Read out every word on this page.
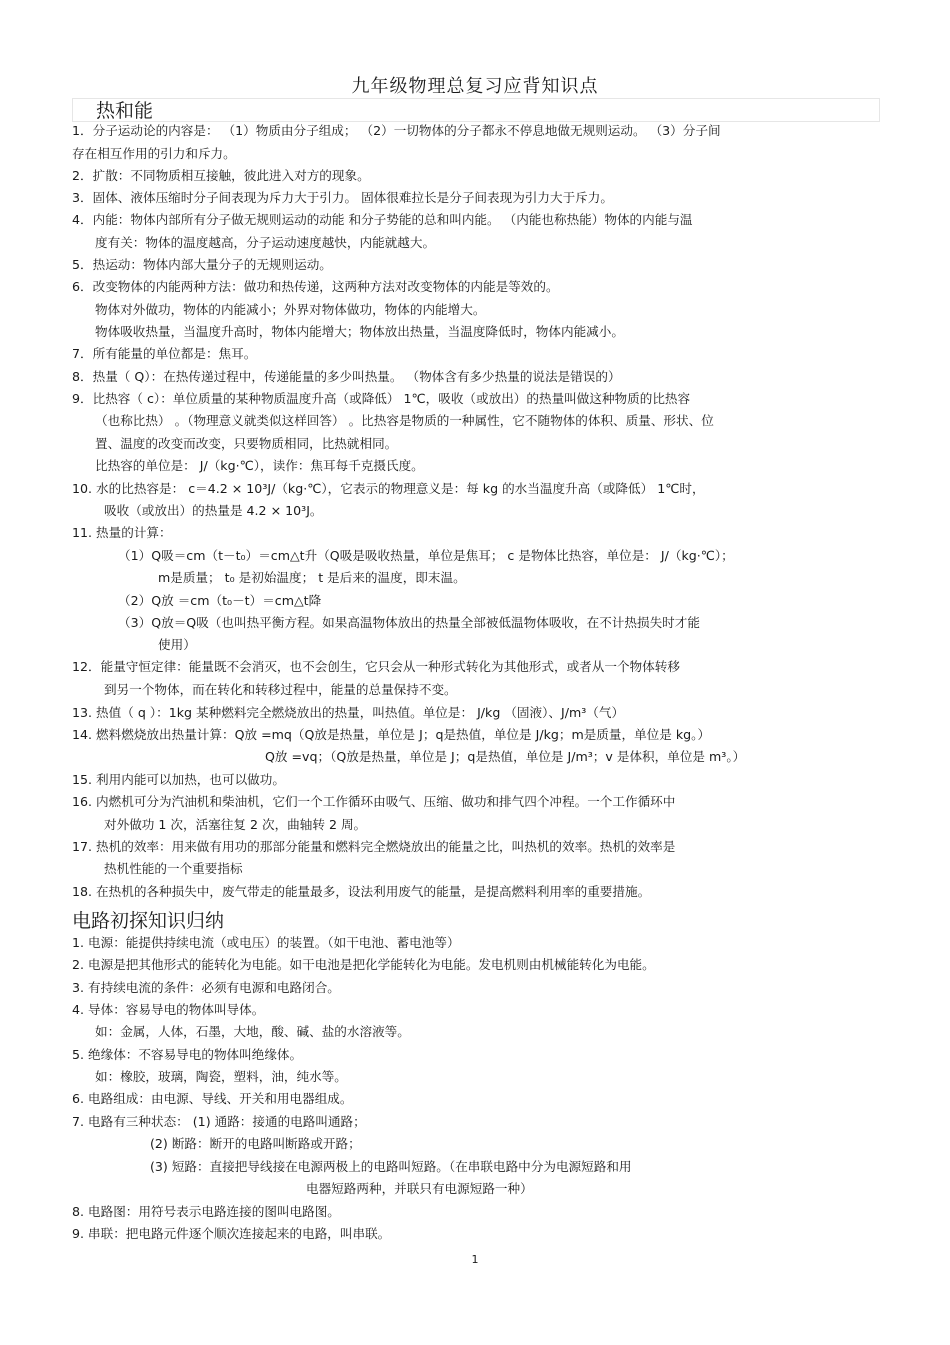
九年级物理总复习应背知识点
热和能
1．分子运动论的内容是： （1）物质由分子组成； （2）一切物体的分子都永不停息地做无规则运动。 （3）分子间
存在相互作用的引力和斥力。
2．扩散：不同物质相互接触，彼此进入对方的现象。
3．固体、液体压缩时分子间表现为斥力大于引力。 固体很难拉长是分子间表现为引力大于斥力。
4．内能：物体内部所有分子做无规则运动的动能 和分子势能的总和叫内能。 （内能也称热能）物体的内能与温
度有关：物体的温度越高，分子运动速度越快，内能就越大。
5．热运动：物体内部大量分子的无规则运动。
6．改变物体的内能两种方法：做功和热传递，这两种方法对改变物体的内能是等效的。
物体对外做功，物体的内能减小；外界对物体做功，物体的内能增大。
物体吸收热量，当温度升高时，物体内能增大；物体放出热量，当温度降低时，物体内能减小。
7．所有能量的单位都是：焦耳。
8．热量（ Q）：在热传递过程中，传递能量的多少叫热量。 （物体含有多少热量的说法是错误的）
9．比热容（ c）：单位质量的某种物质温度升高（或降低） 1℃，吸收（或放出）的热量叫做这种物质的比热容
（也称比热） 。（物理意义就类似这样回答） 。比热容是物质的一种属性，它不随物体的体积、质量、形状、位
置、温度的改变而改变，只要物质相同，比热就相同。
比热容的单位是： J/（kg·℃），读作：焦耳每千克摄氏度。
10. 水的比热容是： c＝4.2 × 10³J/（kg·℃），它表示的物理意义是：每 kg 的水当温度升高（或降低） 1℃时，
吸收（或放出）的热量是 4.2 × 10³J。
11. 热量的计算：
（1）Q吸＝cm（t－t₀）＝cm△t升（Q吸是吸收热量，单位是焦耳； c 是物体比热容，单位是： J/（kg·℃）；
m是质量； t₀ 是初始温度； t 是后来的温度，即末温。
（2）Q放 ＝cm（t₀－t）＝cm△t降
（3）Q放＝Q吸（也叫热平衡方程。如果高温物体放出的热量全部被低温物体吸收，在不计热损失时才能
使用）
12．能量守恒定律：能量既不会消灭，也不会创生，它只会从一种形式转化为其他形式，或者从一个物体转移
到另一个物体，而在转化和转移过程中，能量的总量保持不变。
13. 热值（ q ）：1kg 某种燃料完全燃烧放出的热量，叫热值。单位是： J/kg （固液）、J/m³（气）
14. 燃料燃烧放出热量计算：Q放 =mq（Q放是热量，单位是 J；q是热值，单位是 J/kg；m是质量，单位是 kg。）
Q放 =vq；（Q放是热量，单位是 J；q是热值，单位是 J/m³；v 是体积，单位是 m³。）
15. 利用内能可以加热，也可以做功。
16. 内燃机可分为汽油机和柴油机，它们一个工作循环由吸气、压缩、做功和排气四个冲程。一个工作循环中
对外做功 1 次，活塞往复 2 次，曲轴转 2 周。
17. 热机的效率：用来做有用功的那部分能量和燃料完全燃烧放出的能量之比，叫热机的效率。热机的效率是
热机性能的一个重要指标
18. 在热机的各种损失中，废气带走的能量最多，设法利用废气的能量，是提高燃料利用率的重要措施。
电路初探知识归纳
1. 电源：能提供持续电流（或电压）的装置。（如干电池、蓄电池等）
2. 电源是把其他形式的能转化为电能。如干电池是把化学能转化为电能。发电机则由机械能转化为电能。
3. 有持续电流的条件：必须有电源和电路闭合。
4. 导体：容易导电的物体叫导体。
如：金属，人体，石墨，大地，酸、碱、盐的水溶液等。
5. 绝缘体：不容易导电的物体叫绝缘体。
如：橡胶，玻璃，陶瓷，塑料，油，纯水等。
6. 电路组成：由电源、导线、开关和用电器组成。
7. 电路有三种状态： (1) 通路：接通的电路叫通路；
(2) 断路：断开的电路叫断路或开路；
(3) 短路：直接把导线接在电源两极上的电路叫短路。（在串联电路中分为电源短路和用
电器短路两种，并联只有电源短路一种）
8. 电路图：用符号表示电路连接的图叫电路图。
9. 串联：把电路元件逐个顺次连接起来的电路，叫串联。
1
